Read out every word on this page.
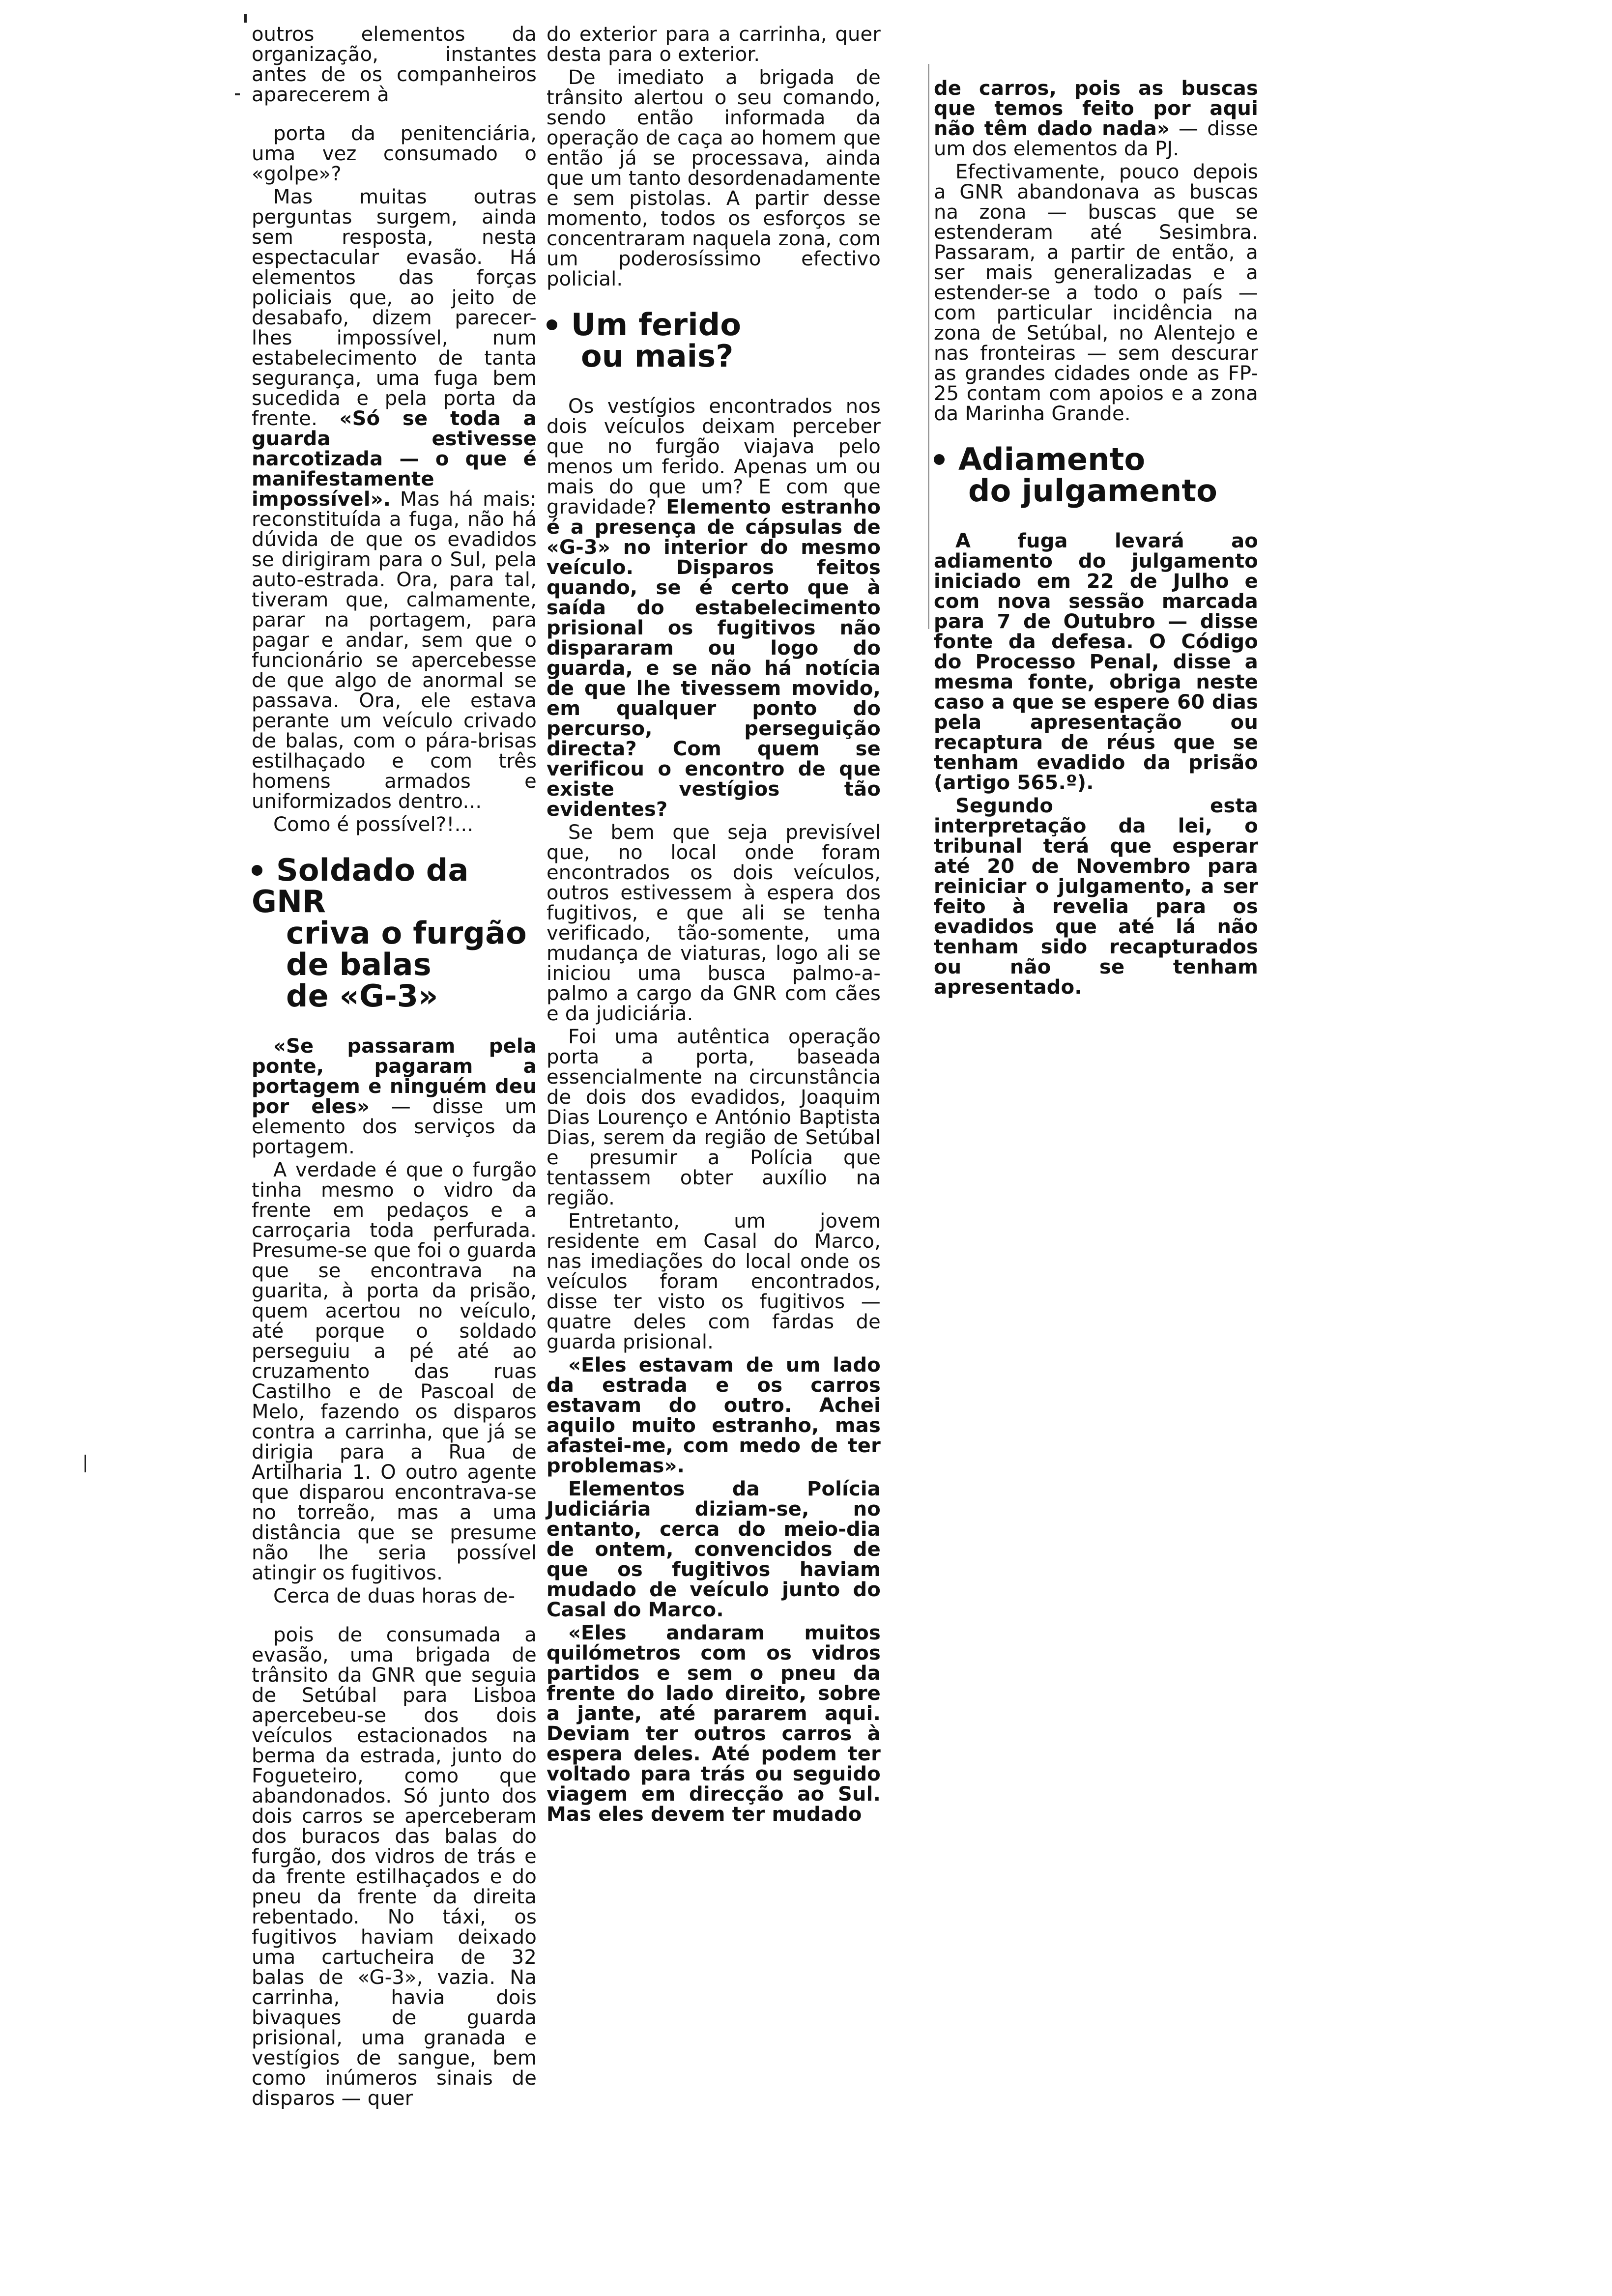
outros elementos da organização, instantes antes de os companheiros aparecerem à

porta da penitenciária, uma vez consumado o «golpe»?

Mas muitas outras perguntas surgem, ainda sem resposta, nesta espectacular evasão. Há elementos das forças policiais que, ao jeito de desabafo, dizem parecer-lhes impossível, num estabelecimento de tanta segurança, uma fuga bem sucedida e pela porta da frente. «Só se toda a guarda estivesse narcotizada — o que é manifestamente impossível». Mas há mais: reconstituída a fuga, não há dúvida de que os evadidos se dirigiram para o Sul, pela auto-estrada. Ora, para tal, tiveram que, calmamente, parar na portagem, para pagar e andar, sem que o funcionário se apercebesse de que algo de anormal se passava. Ora, ele estava perante um veículo crivado de balas, com o pára-brisas estilhaçado e com três homens armados e uniformizados dentro...

Como é possível?!...

Soldado da GNR
criva o furgão
de balas
de «G-3»

«Se passaram pela ponte, pagaram a portagem e ninguém deu por eles» — disse um elemento dos serviços da portagem.

A verdade é que o furgão tinha mesmo o vidro da frente em pedaços e a carroçaria toda perfurada. Presume-se que foi o guarda que se encontrava na guarita, à porta da prisão, quem acertou no veículo, até porque o soldado perseguiu a pé até ao cruzamento das ruas Castilho e de Pascoal de Melo, fazendo os disparos contra a carrinha, que já se dirigia para a Rua de Artilharia 1. O outro agente que disparou encontrava-se no torreão, mas a uma distância que se presume não lhe seria possível atingir os fugitivos.

Cerca de duas horas de-

pois de consumada a evasão, uma brigada de trânsito da GNR que seguia de Setúbal para Lisboa apercebeu-se dos dois veículos estacionados na berma da estrada, junto do Fogueteiro, como que abandonados. Só junto dos dois carros se aperceberam dos buracos das balas do furgão, dos vidros de trás e da frente estilhaçados e do pneu da frente da direita rebentado. No táxi, os fugitivos haviam deixado uma cartucheira de 32 balas de «G-3», vazia. Na carrinha, havia dois bivaques de guarda prisional, uma granada e vestígios de sangue, bem como inúmeros sinais de disparos — quer

do exterior para a carrinha, quer desta para o exterior.

De imediato a brigada de trânsito alertou o seu comando, sendo então informada da operação de caça ao homem que então já se processava, ainda que um tanto desordenadamente e sem pistolas. A partir desse momento, todos os esforços se concentraram naquela zona, com um poderosíssimo efectivo policial.

Um ferido
ou mais?

Os vestígios encontrados nos dois veículos deixam perceber que no furgão viajava pelo menos um ferido. Apenas um ou mais do que um? E com que gravidade? Elemento estranho é a presença de cápsulas de «G-3» no interior do mesmo veículo. Disparos feitos quando, se é certo que à saída do estabelecimento prisional os fugitivos não dispararam ou logo do guarda, e se não há notícia de que lhe tivessem movido, em qualquer ponto do percurso, perseguição directa? Com quem se verificou o encontro de que existe vestígios tão evidentes?

Se bem que seja previsível que, no local onde foram encontrados os dois veículos, outros estivessem à espera dos fugitivos, e que ali se tenha verificado, tão-somente, uma mudança de viaturas, logo ali se iniciou uma busca palmo-a-palmo a cargo da GNR com cães e da judiciária.

Foi uma autêntica operação porta a porta, baseada essencialmente na circunstância de dois dos evadidos, Joaquim Dias Lourenço e António Baptista Dias, serem da região de Setúbal e presumir a Polícia que tentassem obter auxílio na região.

Entretanto, um jovem residente em Casal do Marco, nas imediações do local onde os veículos foram encontrados, disse ter visto os fugitivos — quatre deles com fardas de guarda prisional.

«Eles estavam de um lado da estrada e os carros estavam do outro. Achei aquilo muito estranho, mas afastei-me, com medo de ter problemas».

Elementos da Polícia Judiciária diziam-se, no entanto, cerca do meio-dia de ontem, convencidos de que os fugitivos haviam mudado de veículo junto do Casal do Marco.

«Eles andaram muitos quilómetros com os vidros partidos e sem o pneu da frente do lado direito, sobre a jante, até pararem aqui. Deviam ter outros carros à espera deles. Até podem ter voltado para trás ou seguido viagem em direcção ao Sul. Mas eles devem ter mudado

de carros, pois as buscas que temos feito por aqui não têm dado nada» — disse um dos elementos da PJ.

Efectivamente, pouco depois a GNR abandonava as buscas na zona — buscas que se estenderam até Sesimbra. Passaram, a partir de então, a ser mais generalizadas e a estender-se a todo o país — com particular incidência na zona de Setúbal, no Alentejo e nas fronteiras — sem descurar as grandes cidades onde as FP-25 contam com apoios e a zona da Marinha Grande.

Adiamento
do julgamento

A fuga levará ao adiamento do julgamento iniciado em 22 de Julho e com nova sessão marcada para 7 de Outubro — disse fonte da defesa. O Código do Processo Penal, disse a mesma fonte, obriga neste caso a que se espere 60 dias pela apresentação ou recaptura de réus que se tenham evadido da prisão (artigo 565.º).

Segundo esta interpretação da lei, o tribunal terá que esperar até 20 de Novembro para reiniciar o julgamento, a ser feito à revelia para os evadidos que até lá não tenham sido recapturados ou não se tenham apresentado.
